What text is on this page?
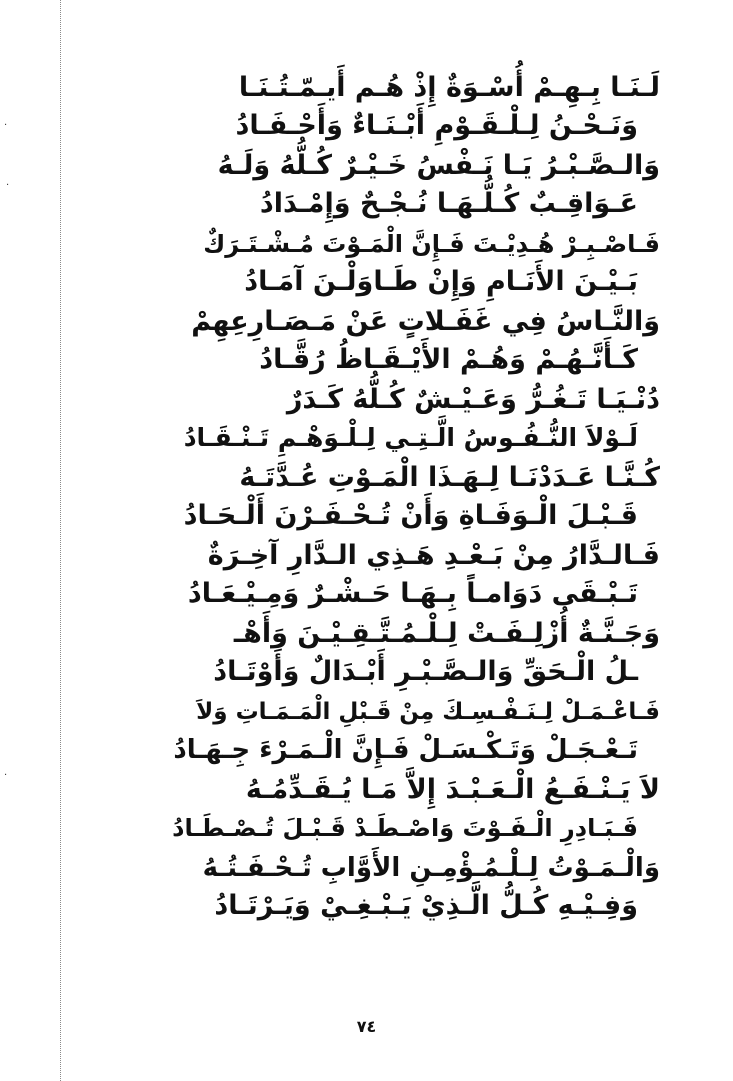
·
·
·
لَـنَـا بِـهِـمْ أُسْـوَةٌ إِذْ هُـم أَيـمّـتُـنَـا
وَنَـحْـنُ لِـلْـقَـوْمِ أَبْـنَـاءٌ وَأَحْـفَـادُ
وَالـصَّـبْـرُ يَـا نَـفْسُ خَـيْـرٌ كُـلُّهُ وَلَـهُ
عَـوَاقِـبٌ كُـلُّـهَـا نُـجْـحٌ وَإِمْـدَادُ
فَـاصْـبِـرْ هُـدِيْـتَ فَـإِنَّ الْمَـوْتَ مُـشْـتَـرَكٌ
بَـيْـنَ الأَنَـامِ وَإِنْ طَـاوَلْـنَ آمَـادُ
وَالنَّـاسُ فِي غَفَـلاتٍ عَنْ مَـصَـارِعِهِمْ
كَـأَنَّـهُـمْ وَهُـمْ الأَيْـقَـاظُ رُقَّـادُ
دُنْـيَـا تَـغُـرُّ وَعَـيْـشٌ كُـلُّهُ كَـدَرٌ
لَـوْلاَ النُّـفُـوسُ الَّـتِـي لِـلْـوَهْـمِ تَـنْـقَـادُ
كُـنَّـا عَـدَدْنَـا لِـهَـذَا الْمَـوْتِ عُـدَّتَـهُ
قَـبْـلَ الْـوَفَـاةِ وَأَنْ تُـحْـفَـرْنَ أَلْـحَـادُ
فَـالـدَّارُ مِنْ بَـعْـدِ هَـذِي الـدَّارِ آخِـرَةٌ
تَـبْـقَى دَوَامـاً بِـهَـا حَـشْـرٌ وَمِـيْـعَـادُ
وَجَـنَّـةٌ أُزْلِـفَـتْ لِـلْـمُـتَّـقِـيْـنَ وَأَهْـ
ـلُ الْـحَقِّ وَالـصَّـبْـرِ أَبْـدَالٌ وَأَوْتَـادُ
فَـاعْـمَـلْ لِـنَـفْـسِـكَ مِنْ قَـبْلِ الْمَـمَـاتِ وَلاَ
تَـعْـجَـلْ وَتَـكْـسَـلْ فَـإِنَّ الْـمَـرْءَ جِـهَـادُ
لاَ يَـنْـفَـعُ الْـعَـبْـدَ إِلاَّ مَـا يُـقَـدِّمُـهُ
فَـبَـادِرِ الْـفَـوْتَ وَاصْـطَـدْ قَـبْـلَ تُـصْـطَـادُ
وَالْـمَـوْتُ لِـلْـمُـؤْمِـنِ الأَوَّابِ تُـحْـفَـتُـهُ
وَفِـيْـهِ كُـلُّ الَّـذِيْ يَـبْـغِـيْ وَيَـرْتَـادُ
٧٤
